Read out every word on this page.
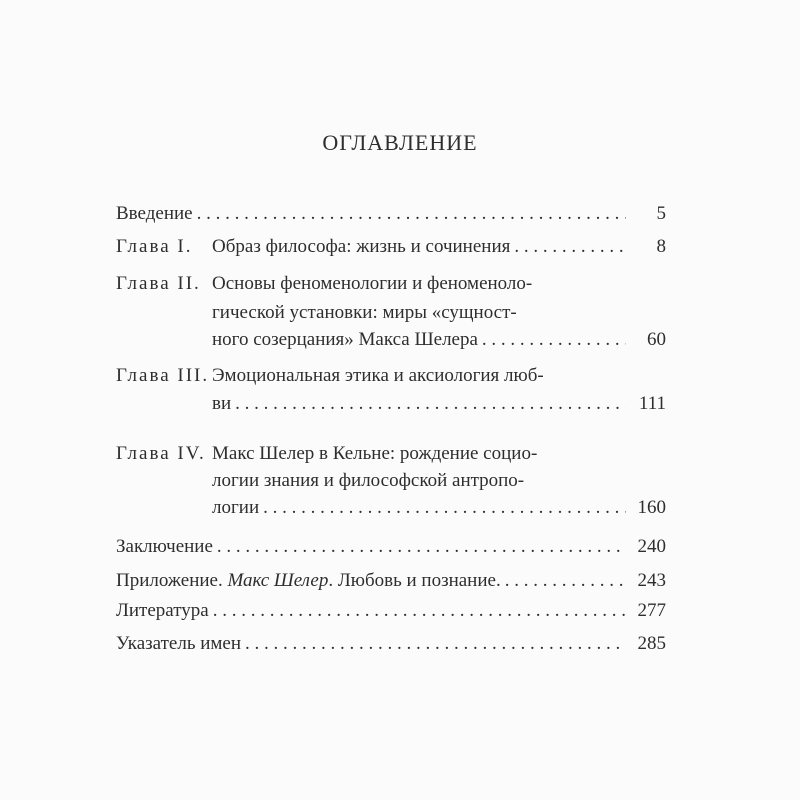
ОГЛАВЛЕНИЕ
Введение . . .	5
Глава I.	Образ философа: жизнь и сочинения . . .	8
Глава II. Основы феноменологии и феноменоло-
гической установки: миры «сущност-
ного созерцания» Макса Шелера . . .	60
Глава III. Эмоциональная этика и аксиология люб-
ви . . .	111
Глава IV. Макс Шелер в Кельне: рождение социо-
логии знания и философской антропо-
логии . . .	160
Заключение . . .	240
Приложение. Макс Шелер. Любовь и познание. . . .	243
Литература . . .	277
Указатель имен . . .	285
